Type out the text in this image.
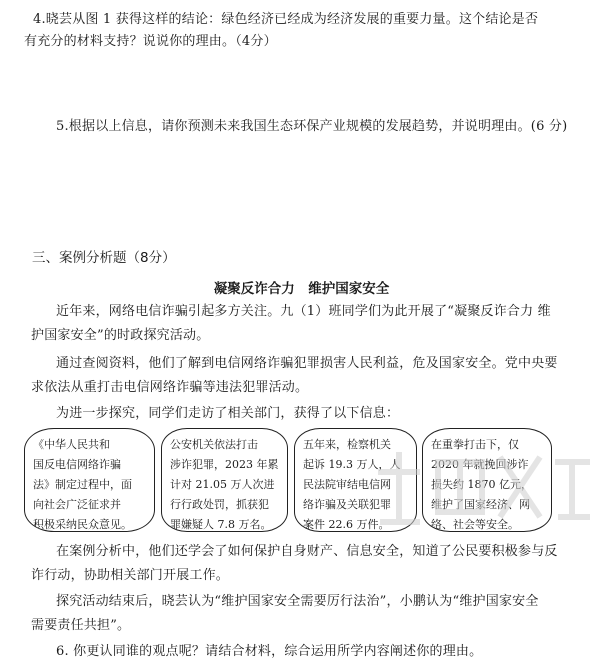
4.晓芸从图 1 获得这样的结论：绿色经济已经成为经济发展的重要力量。这个结论是否
有充分的材料支持？说说你的理由。（4分）
5.根据以上信息，请你预测未来我国生态环保产业规模的发展趋势，并说明理由。(6 分)
三、案例分析题（8分）
凝聚反诈合力　维护国家安全
近年来，网络电信诈骗引起多方关注。九（1）班同学们为此开展了“凝聚反诈合力 维
护国家安全”的时政探究活动。
通过查阅资料，他们了解到电信网络诈骗犯罪损害人民利益，危及国家安全。党中央要
求依法从重打击电信网络诈骗等违法犯罪活动。
为进一步探究，同学们走访了相关部门，获得了以下信息：

《中华人民共和

国反电信网络诈骗

法》制定过程中，面

向社会广泛征求并

积极采纳民众意见。

公安机关依法打击

涉诈犯罪，2023 年累

计对 21.05 万人次进

行行政处罚，抓获犯

罪嫌疑人 7.8 万名。

五年来，检察机关

起诉 19.3 万人，人

民法院审结电信网

络诈骗及关联犯罪

案件 22.6 万件。

在重拳打击下，仅

2020 年就挽回涉诈

损失约 1870 亿元，

维护了国家经济、网

络、社会等安全。

在案例分析中，他们还学会了如何保护自身财产、信息安全，知道了公民要积极参与反
诈行动，协助相关部门开展工作。
探究活动结束后，晓芸认为“维护国家安全需要厉行法治”，小鹏认为“维护国家安全
需要责任共担”。
6. 你更认同谁的观点呢？请结合材料，综合运用所学内容阐述你的理由。
